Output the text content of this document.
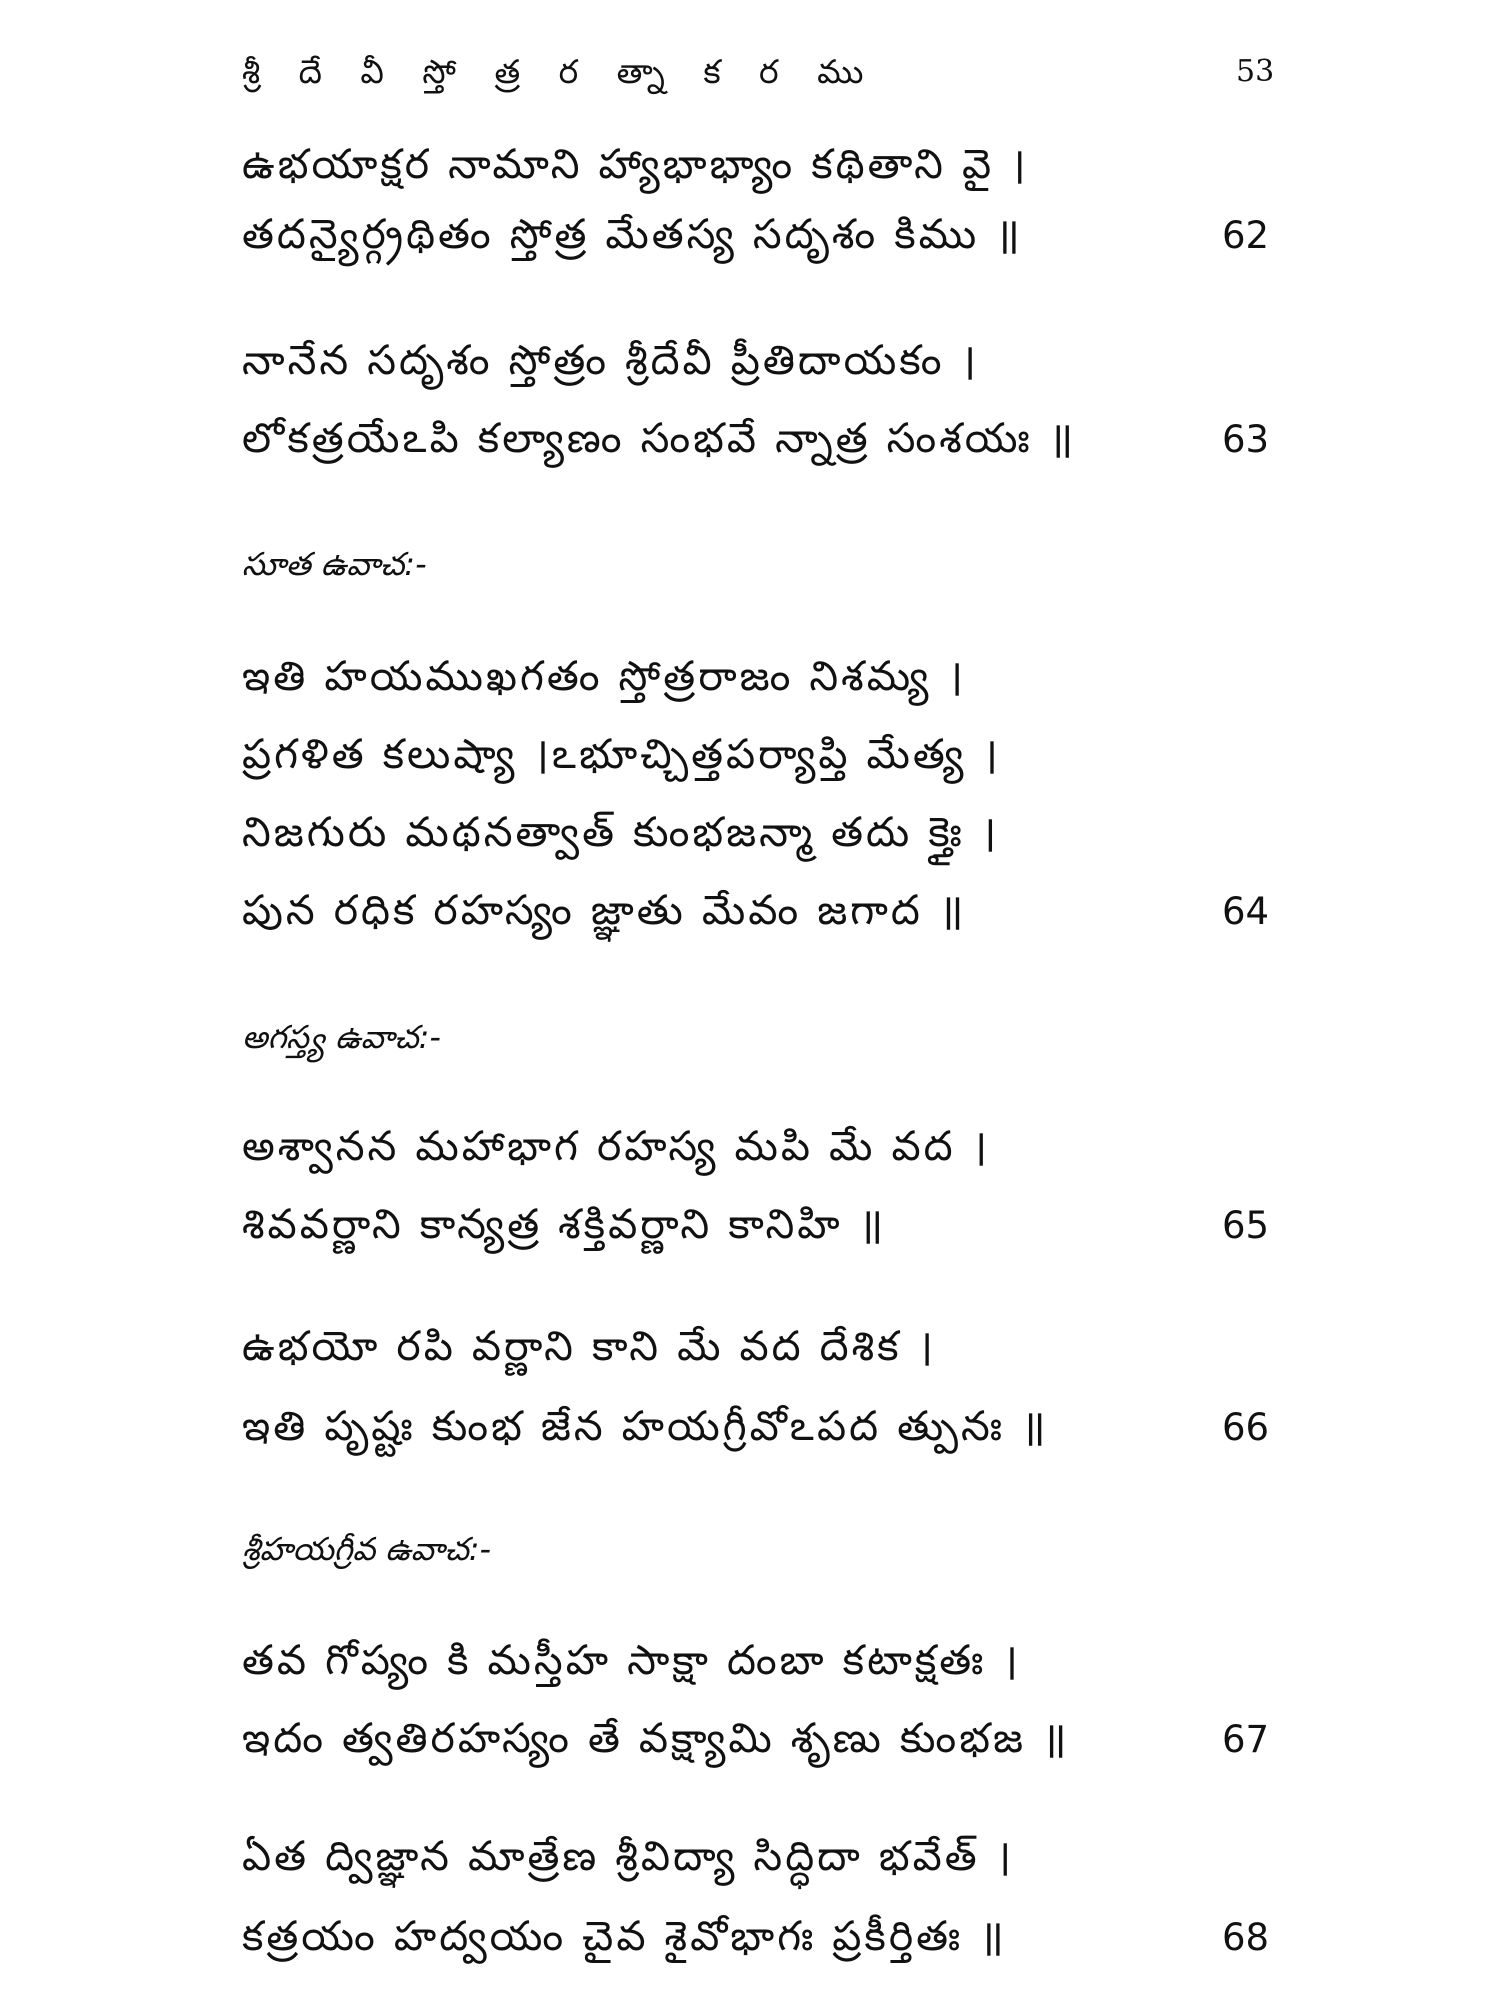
శ్రీ దే వీ స్తో త్ర ర త్నా క ర ము	53
ఉభయాక్షర నామాని హ్యాభాభ్యాం కథితాని వై ।
తదన్యైర్గ్రథితం స్తోత్ర మేతస్య సదృశం కిము ॥	62
నానేన సదృశం స్తోత్రం శ్రీదేవీ ప్రీతిదాయకం ।
లోకత్రయేఽపి కల్యాణం సంభవే న్నాత్ర సంశయః ॥	63
సూత ఉవాచ:-
ఇతి హయముఖగతం స్తోత్రరాజం నిశమ్య ।
ప్రగళిత కలుష్యా ।ఽభూచ్చిత్తపర్యాప్తి మేత్య ।
నిజగురు మథనత్వాత్ కుంభజన్మా తదు క్తైః ।
పున రధిక రహస్యం జ్ఞాతు మేవం జగాద ॥	64
అగస్త్య ఉవాచ:-
అశ్వానన మహాభాగ రహస్య మపి మే వద ।
శివవర్ణాని కాన్యత్ర శక్తివర్ణాని కానిహి ॥	65
ఉభయో రపి వర్ణాని కాని మే వద దేశిక ।
ఇతి పృష్టః కుంభ జేన హయగ్రీవోఽపద త్పునః ॥	66
శ్రీహయగ్రీవ ఉవాచ:-
తవ గోప్యం కి మస్తీహ సాక్షా దంబా కటాక్షతః ।
ఇదం త్వతిరహస్యం తే వక్ష్యామి శృణు కుంభజ ॥	67
ఏత ద్విజ్ఞాన మాత్రేణ శ్రీవిద్యా సిద్ధిదా భవేత్ ।
కత్రయం హద్వయం చైవ శైవోభాగః ప్రకీర్తితః ॥	68
